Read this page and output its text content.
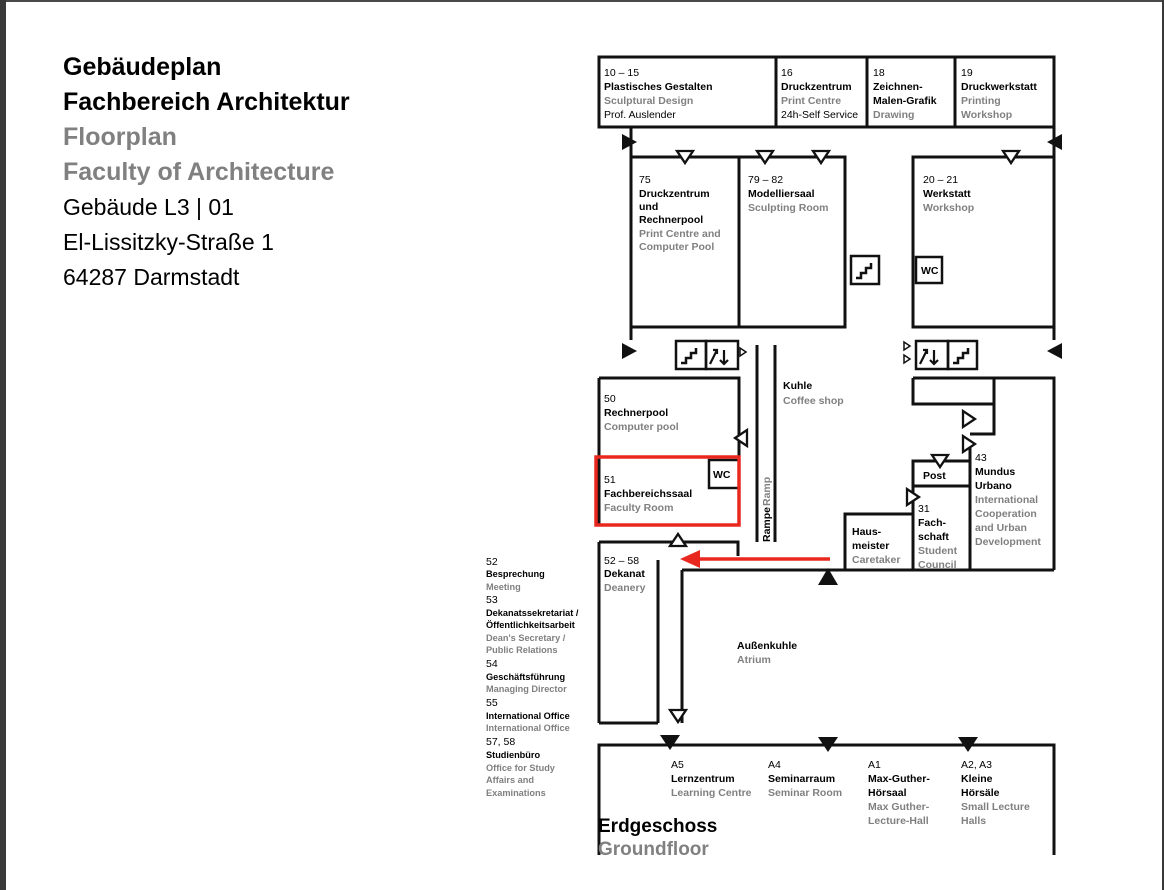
Gebäudeplan
Fachbereich Architektur
Floorplan
Faculty of Architecture
Gebäude L3 | 01
El-Lissitzky-Straße 1
64287 Darmstadt	WC
WC
10 – 15
Plastisches Gestalten
Sculptural Design
Prof. Auslender
16
Druckzentrum
Print Centre
24h-Self Service
18
Zeichnen-
Malen-Grafik
Drawing
19
Druckwerkstatt
Printing
Workshop
75
Druckzentrum
und
Rechnerpool
Print Centre and
Computer Pool
79 – 82
Modelliersaal
Sculpting Room
20 – 21
Werkstatt
Workshop
Kuhle
Coffee shop
Rampe
Ramp
50
Rechnerpool
Computer pool
51
Fachbereichssaal
Faculty Room
52 – 58
Dekanat
Deanery
Haus-
meister
Caretaker
Post
31
Fach-
schaft
Student
Council
43
Mundus
Urbano
International
Cooperation
and Urban
Development
Außenkuhle
Atrium
A5
Lernzentrum
Learning Centre
A4
Seminarraum
Seminar Room
A1
Max-Guther-
Hörsaal
Max Guther-
Lecture-Hall
A2, A3
Kleine
Hörsäle
Small Lecture
Halls
52
Besprechung
Meeting
53
Dekanatssekretariat /
Öffentlichkeitsarbeit
Dean's Secretary /
Public Relations
54
Geschäftsführung
Managing Director
55
International Office
International Office
57, 58
Studienbüro
Office for Study
Affairs and
Examinations
Erdgeschoss
Groundfloor
